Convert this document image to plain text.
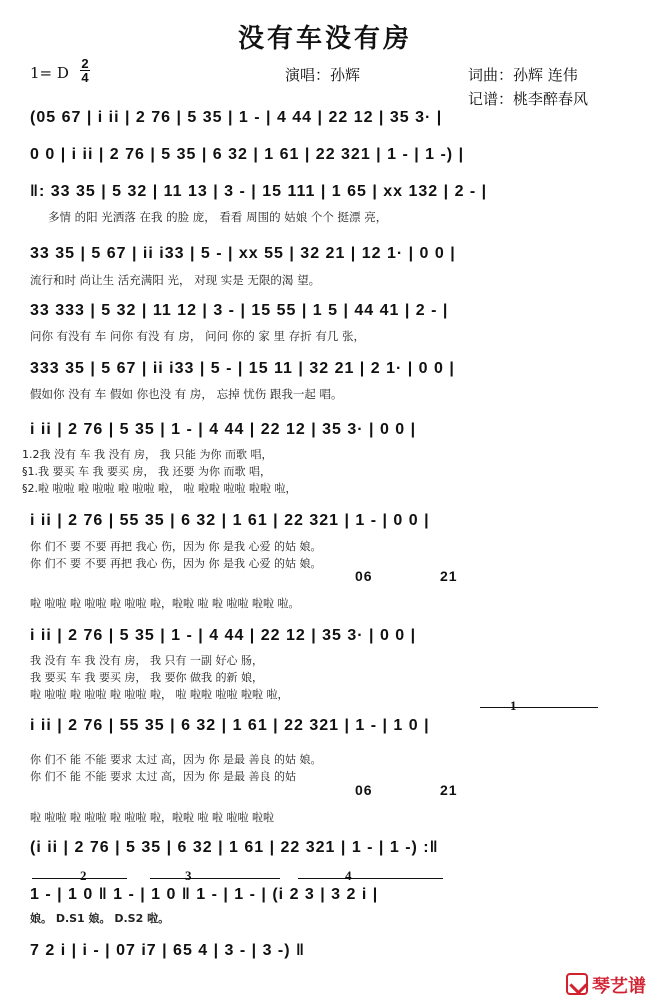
没有车没有房
1= D
2
4	演唱：孙辉	词曲：孙辉 连伟
记谱：桃李醉春风
(05 67 | i ii | 2 76 | 5 35 | 1 - | 4 44 | 22 12 | 35 3· |
0 0 | i ii | 2 76 | 5 35 | 6 32 | 1 61 | 22 321 | 1 - | 1 -) |
‖: 33 35 | 5 32 | 11 13 | 3 - | 15 111 | 1 65 | xx 132 | 2 - |
多情 的阳 光洒落 在我 的脸 庞， 看看 周围的 姑娘 个个 挺漂 亮，
33 35 | 5 67 | ii i33 | 5 - | xx 55 | 32 21 | 12 1· | 0 0 |
流行和时 尚让生 活充满阳 光， 对现 实是 无限的渴 望。
33 333 | 5 32 | 11 12 | 3 - | 15 55 | 1 5 | 44 41 | 2 - |
问你 有没有 车 问你 有没 有 房， 问问 你的 家 里 存折 有几 张，
333 35 | 5 67 | ii i33 | 5 - | 15 11 | 32 21 | 2 1· | 0 0 |
假如你 没有 车 假如 你也没 有 房， 忘掉 忧伤 跟我一起 唱。
i ii | 2 76 | 5 35 | 1 - | 4 44 | 22 12 | 35 3· | 0 0 |
1.2我 没有 车 我 没有 房， 我 只能 为你 而歌 唱，
§1.我 要买 车 我 要买 房， 我 还要 为你 而歌 唱，
§2.啦 啦啦 啦 啦啦 啦 啦啦 啦， 啦 啦啦 啦啦 啦啦 啦，
i ii | 2 76 | 55 35 | 6 32 | 1 61 | 22 321 | 1 - | 0 0 |
你 们不 要 不要 再把 我心 伤，因为 你 是我 心爱 的姑 娘。
你 们不 要 不要 再把 我心 伤，因为 你 是我 心爱 的姑 娘。
06	21
啦 啦啦 啦 啦啦 啦 啦啦 啦，啦啦 啦 啦 啦啦 啦啦 啦。
i ii | 2 76 | 5 35 | 1 - | 4 44 | 22 12 | 35 3· | 0 0 |
我 没有 车 我 没有 房， 我 只有 一副 好心 肠，
我 要买 车 我 要买 房， 我 要你 做我 的新 娘，
啦 啦啦 啦 啦啦 啦 啦啦 啦， 啦 啦啦 啦啦 啦啦 啦，
1
i ii | 2 76 | 55 35 | 6 32 | 1 61 | 22 321 | 1 - | 1 0 |
你 们不 能 不能 要求 太过 高，因为 你 是最 善良 的姑 娘。
你 们不 能 不能 要求 太过 高，因为 你 是最 善良 的姑
06	21
啦 啦啦 啦 啦啦 啦 啦啦 啦，啦啦 啦 啦 啦啦 啦啦
(i ii | 2 76 | 5 35 | 6 32 | 1 61 | 22 321 | 1 - | 1 -) :‖
2	3	4
1 - | 1 0 ‖ 1 - | 1 0 ‖ 1 - | 1 - | (i 2 3 | 3 2 i |
娘。 D.S1 娘。 D.S2 啦。
7 2 i | i - | 07 i7 | 65 4 | 3 - | 3 -) ‖
琴艺谱
